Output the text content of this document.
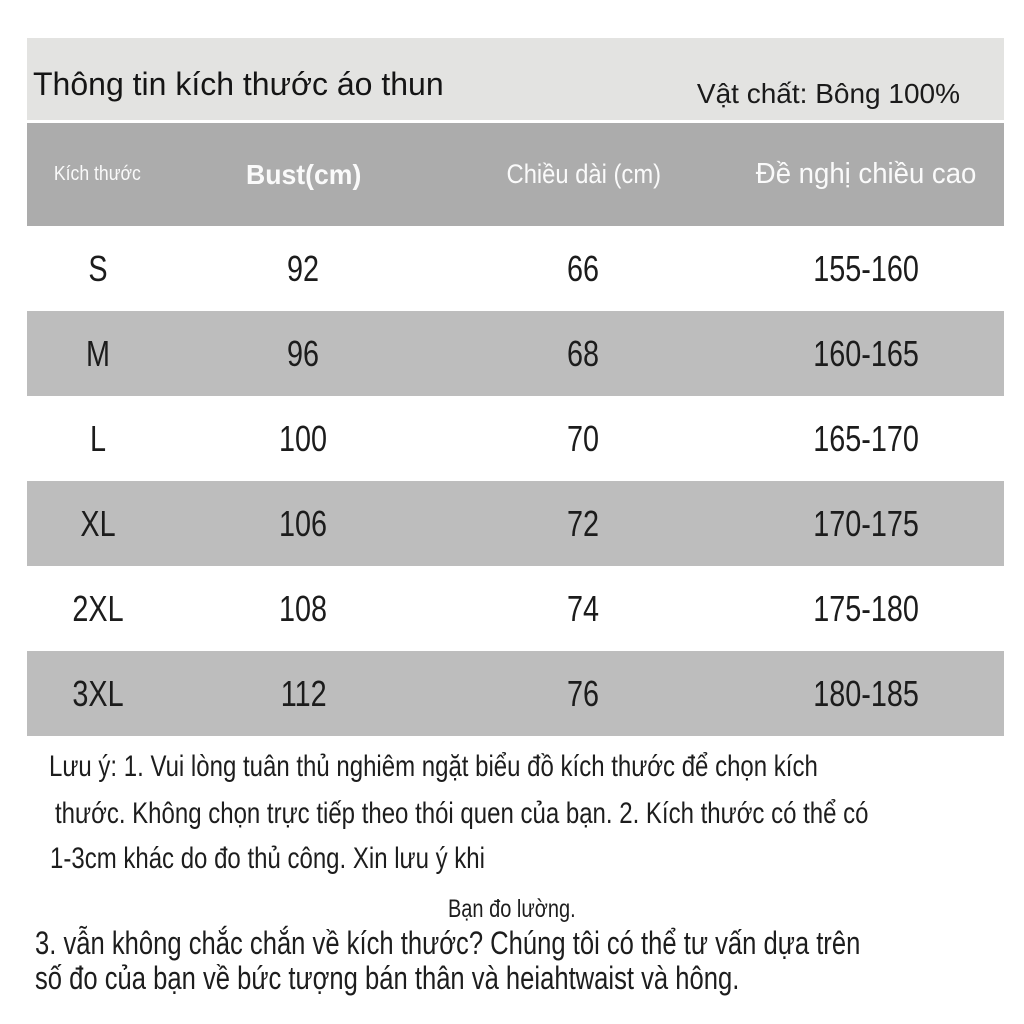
Thông tin kích thước áo thun	Vật chất: Bông 100%
Kích thước	Bust(cm)	Chiều dài (cm)	Đề nghị chiều cao
S	92	66	155-160
M	96	68	160-165
L	100	70	165-170
XL	106	72	170-175
2XL	108	74	175-180
3XL	112	76	180-185
Lưu ý: 1. Vui lòng tuân thủ nghiêm ngặt biểu đồ kích thước để chọn kích
thước. Không chọn trực tiếp theo thói quen của bạn. 2. Kích thước có thể có
1-3cm khác do đo thủ công. Xin lưu ý khi
Bạn đo lường.
3. vẫn không chắc chắn về kích thước? Chúng tôi có thể tư vấn dựa trên
số đo của bạn về bức tượng bán thân và heiahtwaist và hông.
